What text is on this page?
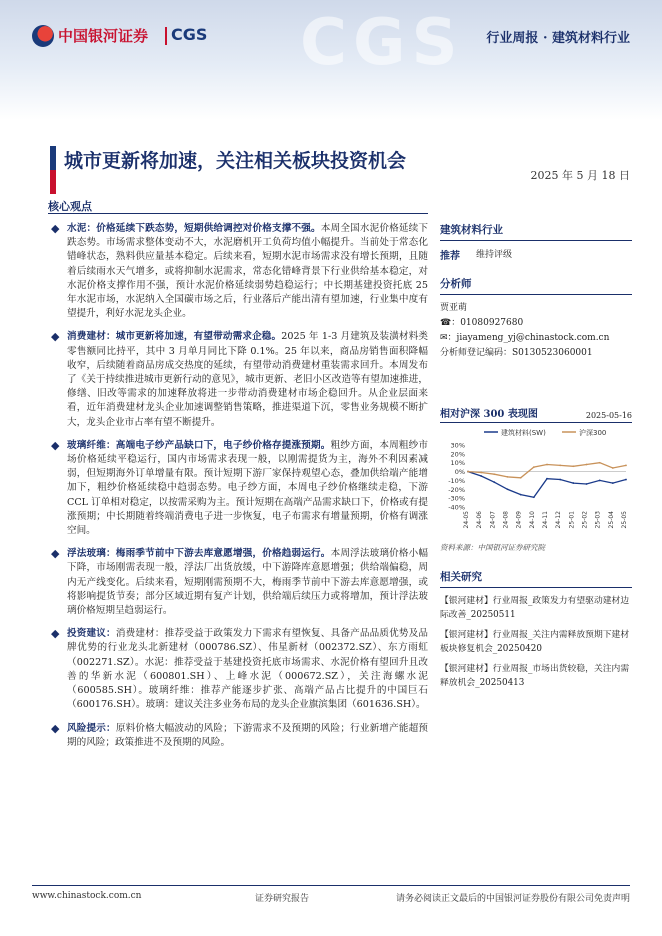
CGS
中国银河证券 CGS	行业周报 · 建筑材料行业
城市更新将加速，关注相关板块投资机会
2025 年 5 月 18 日
核心观点
◆ 水泥：价格延续下跌态势，短期供给调控对价格支撑不强。本周全国水泥价格延续下跌态势。市场需求整体变动不大，水泥磨机开工负荷均值小幅提升。当前处于常态化错峰状态，熟料供应量基本稳定。后续来看，短期水泥市场需求没有增长预期，且随着后续雨水天气增多，或将抑制水泥需求，常态化错峰背景下行业供给基本稳定，对水泥价格支撑作用不强，预计水泥价格延续弱势趋稳运行；中长期基建投资托底 25 年水泥市场，水泥纳入全国碳市场之后，行业落后产能出清有望加速，行业集中度有望提升，利好水泥龙头企业。
◆ 消费建材：城市更新将加速，有望带动需求企稳。2025 年 1-3 月建筑及装潢材料类零售额同比持平，其中 3 月单月同比下降 0.1%。25 年以来，商品房销售面积降幅收窄，后续随着商品房成交热度的延续，有望带动消费建材重装需求回升。本周发布了《关于持续推进城市更新行动的意见》，城市更新、老旧小区改造等有望加速推进，修缮、旧改等需求的加速释放将进一步带动消费建材市场企稳回升。从企业层面来看，近年消费建材龙头企业加速调整销售策略，推进渠道下沉，零售业务规模不断扩大，龙头企业市占率有望不断提升。
◆ 玻璃纤维：高端电子纱产品缺口下，电子纱价格存提涨预期。粗纱方面，本周粗纱市场价格延续平稳运行，国内市场需求表现一般，以刚需提货为主，海外不利因素减弱，但短期海外订单增量有限。预计短期下游厂家保持观望心态，叠加供给端产能增加下，粗纱价格延续稳中趋弱态势。电子纱方面，本周电子纱价格继续走稳，下游 CCL 订单相对稳定，以按需采购为主。预计短期在高端产品需求缺口下，价格或有提涨预期；中长期随着终端消费电子进一步恢复，电子布需求有增量预期，价格有调涨空间。
◆ 浮法玻璃：梅雨季节前中下游去库意愿增强，价格趋弱运行。本周浮法玻璃价格小幅下降，市场刚需表现一般，浮法厂出货放缓，中下游降库意愿增强；供给端偏稳，周内无产线变化。后续来看，短期刚需预期不大，梅雨季节前中下游去库意愿增强，或将影响提货节奏；部分区域近期有复产计划，供给端后续压力或将增加，预计浮法玻璃价格短期呈趋弱运行。
◆ 投资建议：消费建材：推荐受益于政策发力下需求有望恢复、具备产品品质优势及品牌优势的行业龙头北新建材（000786.SZ）、伟星新材（002372.SZ）、东方雨虹（002271.SZ）。水泥：推荐受益于基建投资托底市场需求、水泥价格有望回升且改善的华新水泥（600801.SH）、上峰水泥（000672.SZ），关注海螺水泥（600585.SH）。玻璃纤维：推荐产能逐步扩张、高端产品占比提升的中国巨石（600176.SH）。玻璃：建议关注多业务布局的龙头企业旗滨集团（601636.SH）。
◆ 风险提示：原料价格大幅波动的风险；下游需求不及预期的风险；行业新增产能超预期的风险；政策推进不及预期的风险。
建筑材料行业
推荐 维持评级
分析师
贾亚萌
☎：01080927680
✉：jiayameng_yj@chinastock.com.cn
分析师登记编码：S0130523060001
相对沪深 300 表现图	2025-05-16
建筑材料(SW)	沪深300
30%
20%
10%
0%
-10%
-20%
-30%
-40%
24-05 24-06 24-07 24-08 24-09 24-10 24-11 24-12 25-01 25-02 25-03 25-04 25-05
资料来源：中国银河证券研究院
相关研究
【银河建材】行业周报_政策发力有望驱动建材边际改善_20250511
【银河建材】行业周报_关注内需释放预期下建材板块修复机会_20250420
【银河建材】行业周报_市场出货较稳，关注内需释放机会_20250413
www.chinastock.com.cn	证券研究报告	请务必阅读正文最后的中国银河证券股份有限公司免责声明
